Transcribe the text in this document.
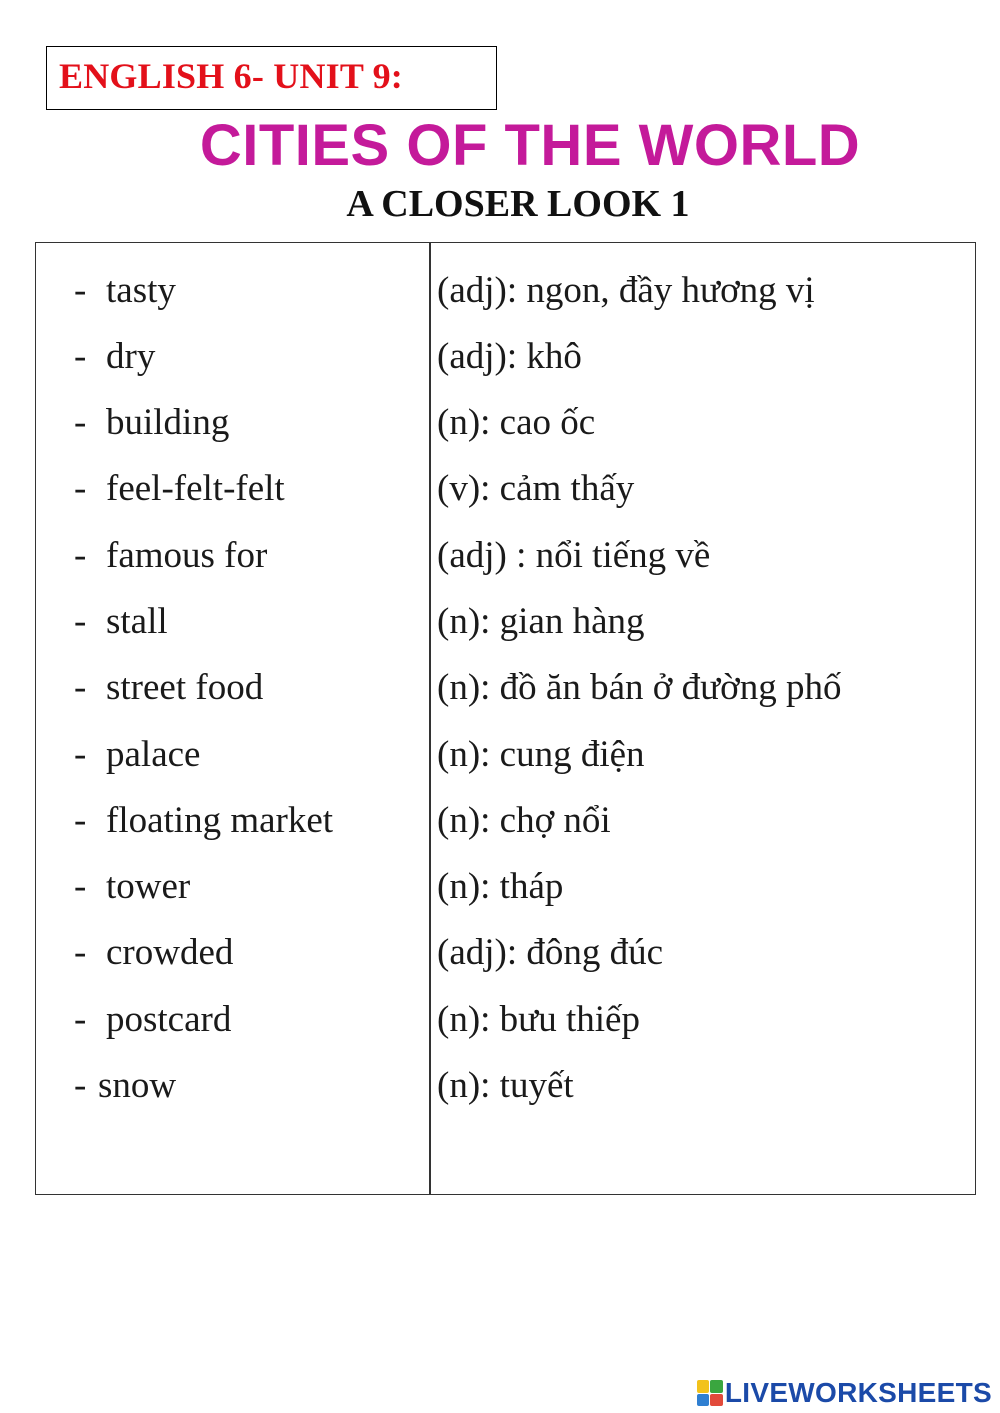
ENGLISH 6- UNIT 9:
CITIES OF THE WORLD
A CLOSER LOOK 1
- tasty	(adj): ngon, đầy hương vị
- dry	(adj): khô
- building	(n): cao ốc
- feel-felt-felt	(v): cảm thấy
- famous for	(adj) : nổi tiếng về
- stall	(n): gian hàng
- street food	(n): đồ ăn bán ở đường phố
- palace	(n): cung điện
- floating market	(n): chợ nổi
- tower	(n): tháp
- crowded	(adj): đông đúc
- postcard	(n): bưu thiếp
- snow	(n): tuyết
LIVEWORKSHEETS
